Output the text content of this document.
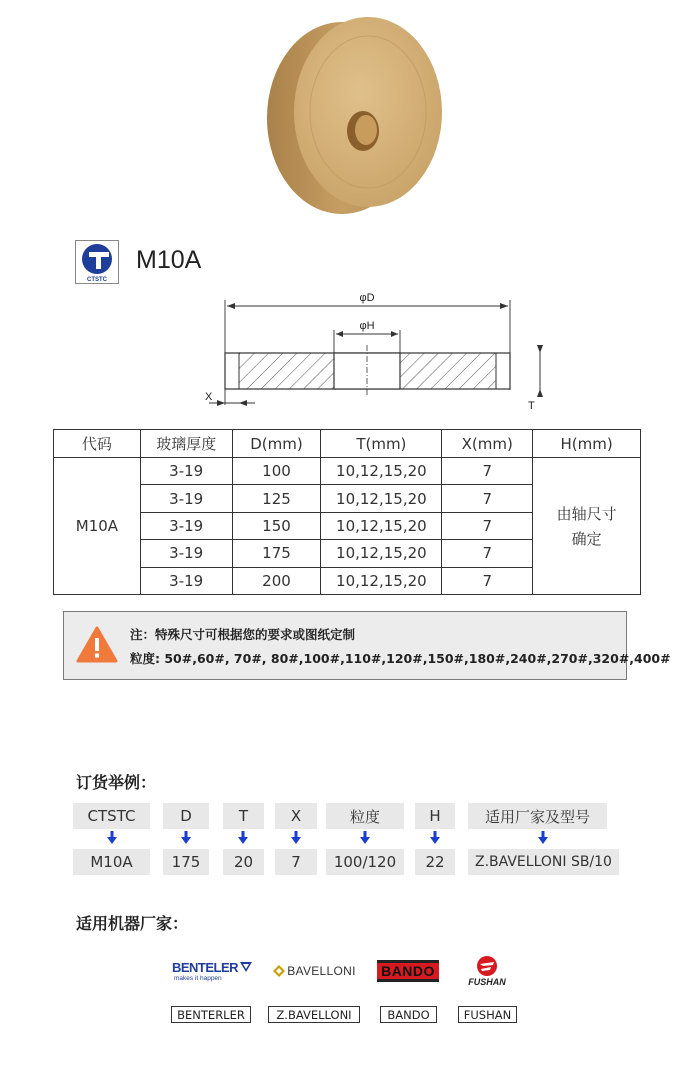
CTSTC
M10A
φD
φH
T
X
代码	玻璃厚度	D(mm)	T(mm)	X(mm)	H(mm)
M10A	3-19	100	10,12,15,20	7	由轴尺寸
确定

	3-19	125	10,12,15,20	7	
	3-19	150	10,12,15,20	7	
	3-19	175	10,12,15,20	7	
	3-19	200	10,12,15,20	7	
注：特殊尺寸可根据您的要求或图纸定制
粒度: 50#,60#, 70#, 80#,100#,110#,120#,150#,180#,240#,270#,320#,400#
订货举例：
CTSTC	D	T	X	粒度	H	适用厂家及型号
M10A	175	20	7	100/120	22	Z.BAVELLONI SB/10
适用机器厂家：
BENTELER
makes it happen
BAVELLONI BANDO
FUSHAN
BENTERLER	Z.BAVELLONI	BANDO	FUSHAN
